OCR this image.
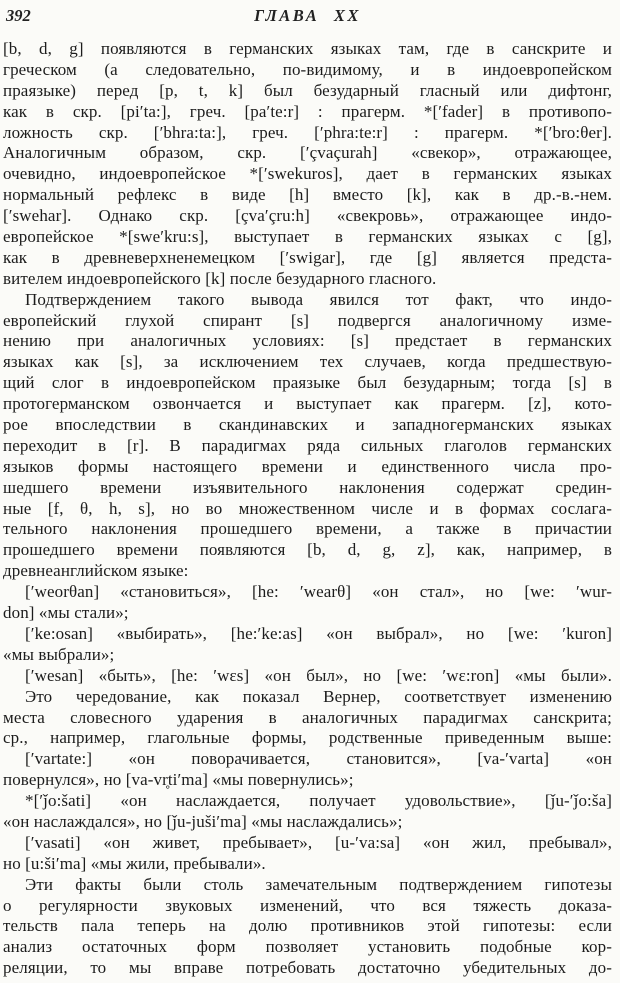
392	ГЛАВА XX
[b, d, g] появляются в германских языках там, где в санскрите и
греческом (а следовательно, по-видимому, и в индоевропейском
праязыке) перед [p, t, k] был безударный гласный или дифтонг,
как в скр. [pi′ta:], греч. [pa′te:r] : прагерм. *[′fader] в противопо-
ложность скр. [′bhra:ta:], греч. [′phra:te:r] : прагерм. *[′bro:θer].
Аналогичным образом, скр. [′çvaçurah] «свекор», отражающее,
очевидно, индоевропейское *[′swekuros], дает в германских языках
нормальный рефлекс в виде [h] вместо [k], как в др.-в.-нем.
[′swehar]. Однако скр. [çva′çru:h] «свекровь», отражающее индо-
европейское *[swe′kru:s], выступает в германских языках с [g],
как в древневерхненемецком [′swigar], где [g] является предста-
вителем индоевропейского [k] после безударного гласного.
Подтверждением такого вывода явился тот факт, что индо-
европейский глухой спирант [s] подвергся аналогичному изме-
нению при аналогичных условиях: [s] предстает в германских
языках как [s], за исключением тех случаев, когда предшествую-
щий слог в индоевропейском праязыке был безударным; тогда [s] в
протогерманском озвончается и выступает как прагерм. [z], кото-
рое впоследствии в скандинавских и западногерманских языках
переходит в [r]. В парадигмах ряда сильных глаголов германских
языков формы настоящего времени и единственного числа про-
шедшего времени изъявительного наклонения содержат средин-
ные [f, θ, h, s], но во множественном числе и в формах сослага-
тельного наклонения прошедшего времени, а также в причастии
прошедшего времени появляются [b, d, g, z], как, например, в
древнеанглийском языке:
[′weorθan] «становиться», [he: ′wearθ] «он стал», но [we: ′wur-
don] «мы стали»;
[′ke:osan] «выбирать», [he:′ke:as] «он выбрал», но [we: ′kuron]
«мы выбрали»;
[′wesan] «быть», [he: ′wεs] «он был», но [we: ′wε:ron] «мы были».
Это чередование, как показал Вернер, соответствует изменению
места словесного ударения в аналогичных парадигмах санскрита;
ср., например, глагольные формы, родственные приведенным выше:
[′vartate:] «он поворачивается, становится», [va-′varta] «он
повернулся», но [va-vr̥ti′ma] «мы повернулись»;
*[′ǰo:šati] «он наслаждается, получает удовольствие», [ǰu-′ǰo:ša]
«он наслаждался», но [ǰu-juši′ma] «мы наслаждались»;
[′vasati] «он живет, пребывает», [u-′va:sa] «он жил, пребывал»,
но [u:ši′ma] «мы жили, пребывали».
Эти факты были столь замечательным подтверждением гипотезы
о регулярности звуковых изменений, что вся тяжесть доказа-
тельств пала теперь на долю противников этой гипотезы: если
анализ остаточных форм позволяет установить подобные кор-
реляции, то мы вправе потребовать достаточно убедительных до-
